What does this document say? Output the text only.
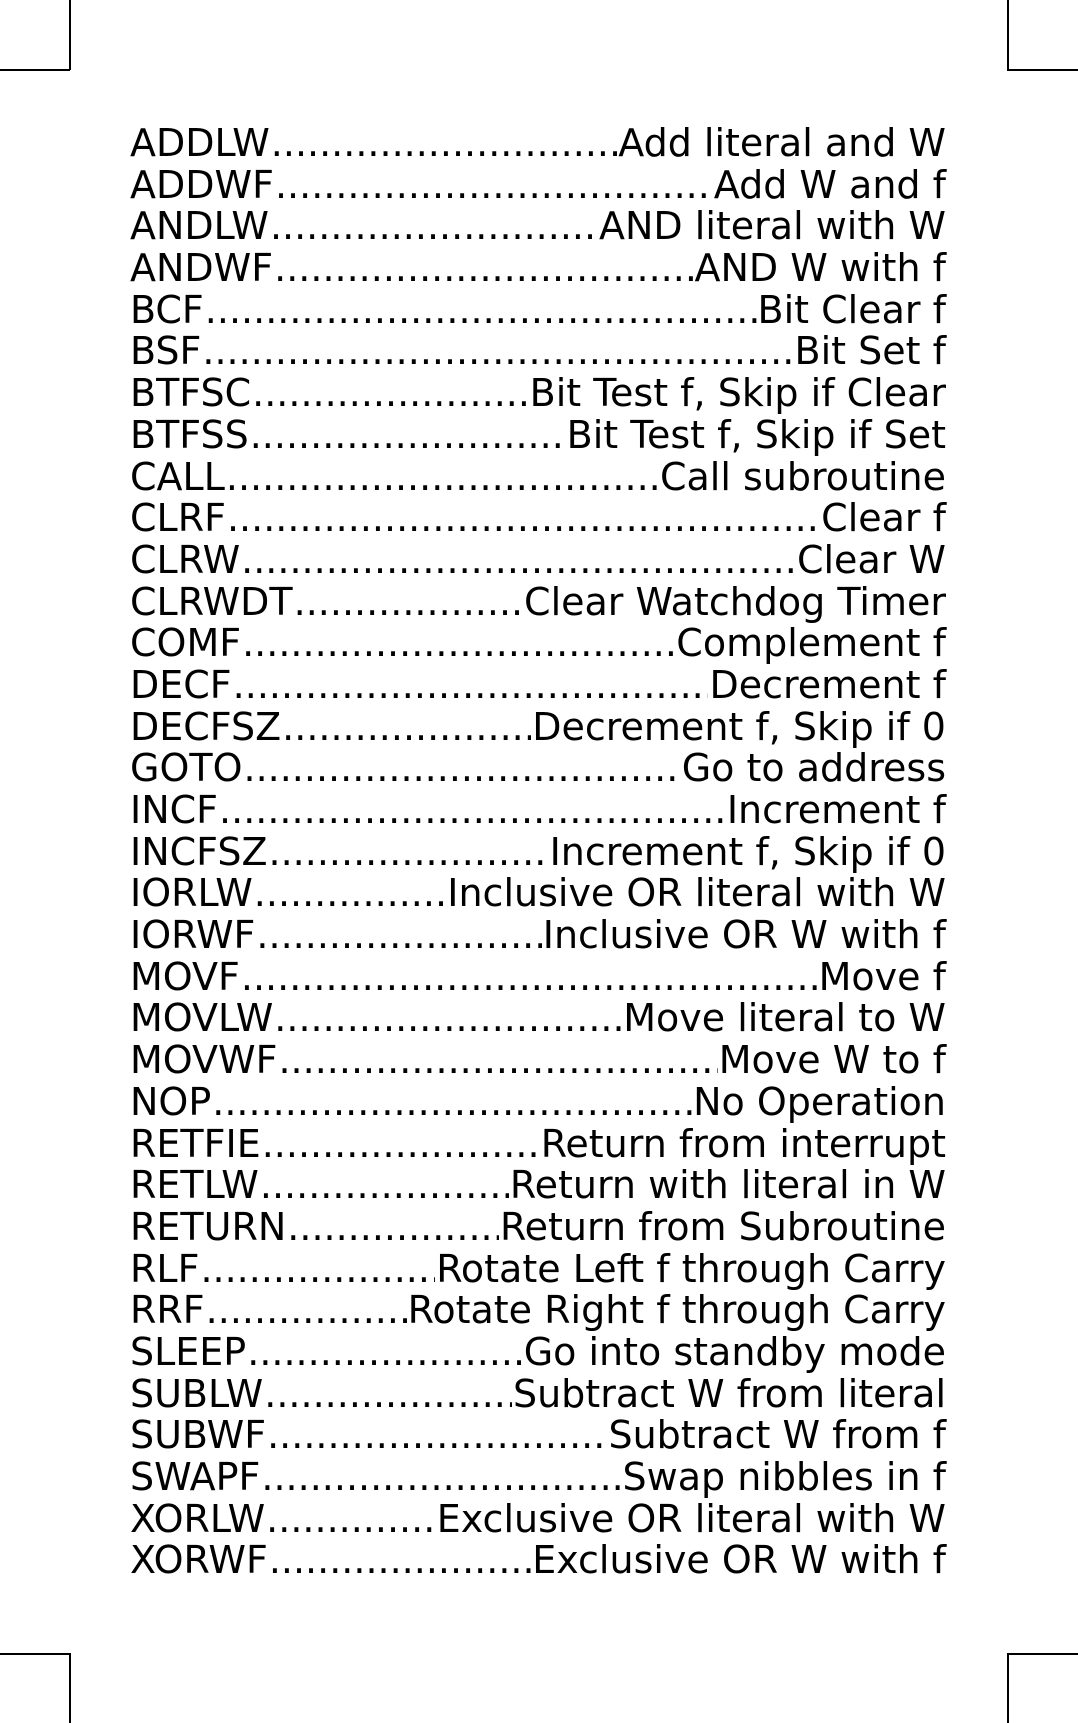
ADDLW .....	Add literal and W
ADDWF .....	Add W and f
ANDLW .....	AND literal with W
ANDWF .....	AND W with f
BCF .....	Bit Clear f
BSF .....	Bit Set f
BTFSC .....	Bit Test f, Skip if Clear
BTFSS .....	Bit Test f, Skip if Set
CALL .....	Call subroutine
CLRF .....	Clear f
CLRW .....	Clear W
CLRWDT .....	Clear Watchdog Timer
COMF .....	Complement f
DECF .....	Decrement f
DECFSZ .....	Decrement f, Skip if 0
GOTO .....	Go to address
INCF .....	Increment f
INCFSZ .....	Increment f, Skip if 0
IORLW .....	Inclusive OR literal with W
IORWF .....	Inclusive OR W with f
MOVF .....	Move f
MOVLW .....	Move literal to W
MOVWF .....	Move W to f
NOP .....	No Operation
RETFIE .....	Return from interrupt
RETLW .....	Return with literal in W
RETURN .....	Return from Subroutine
RLF .....	Rotate Left f through Carry
RRF .....	Rotate Right f through Carry
SLEEP .....	Go into standby mode
SUBLW .....	Subtract W from literal
SUBWF .....	Subtract W from f
SWAPF .....	Swap nibbles in f
XORLW .....	Exclusive OR literal with W
XORWF .....	Exclusive OR W with f
